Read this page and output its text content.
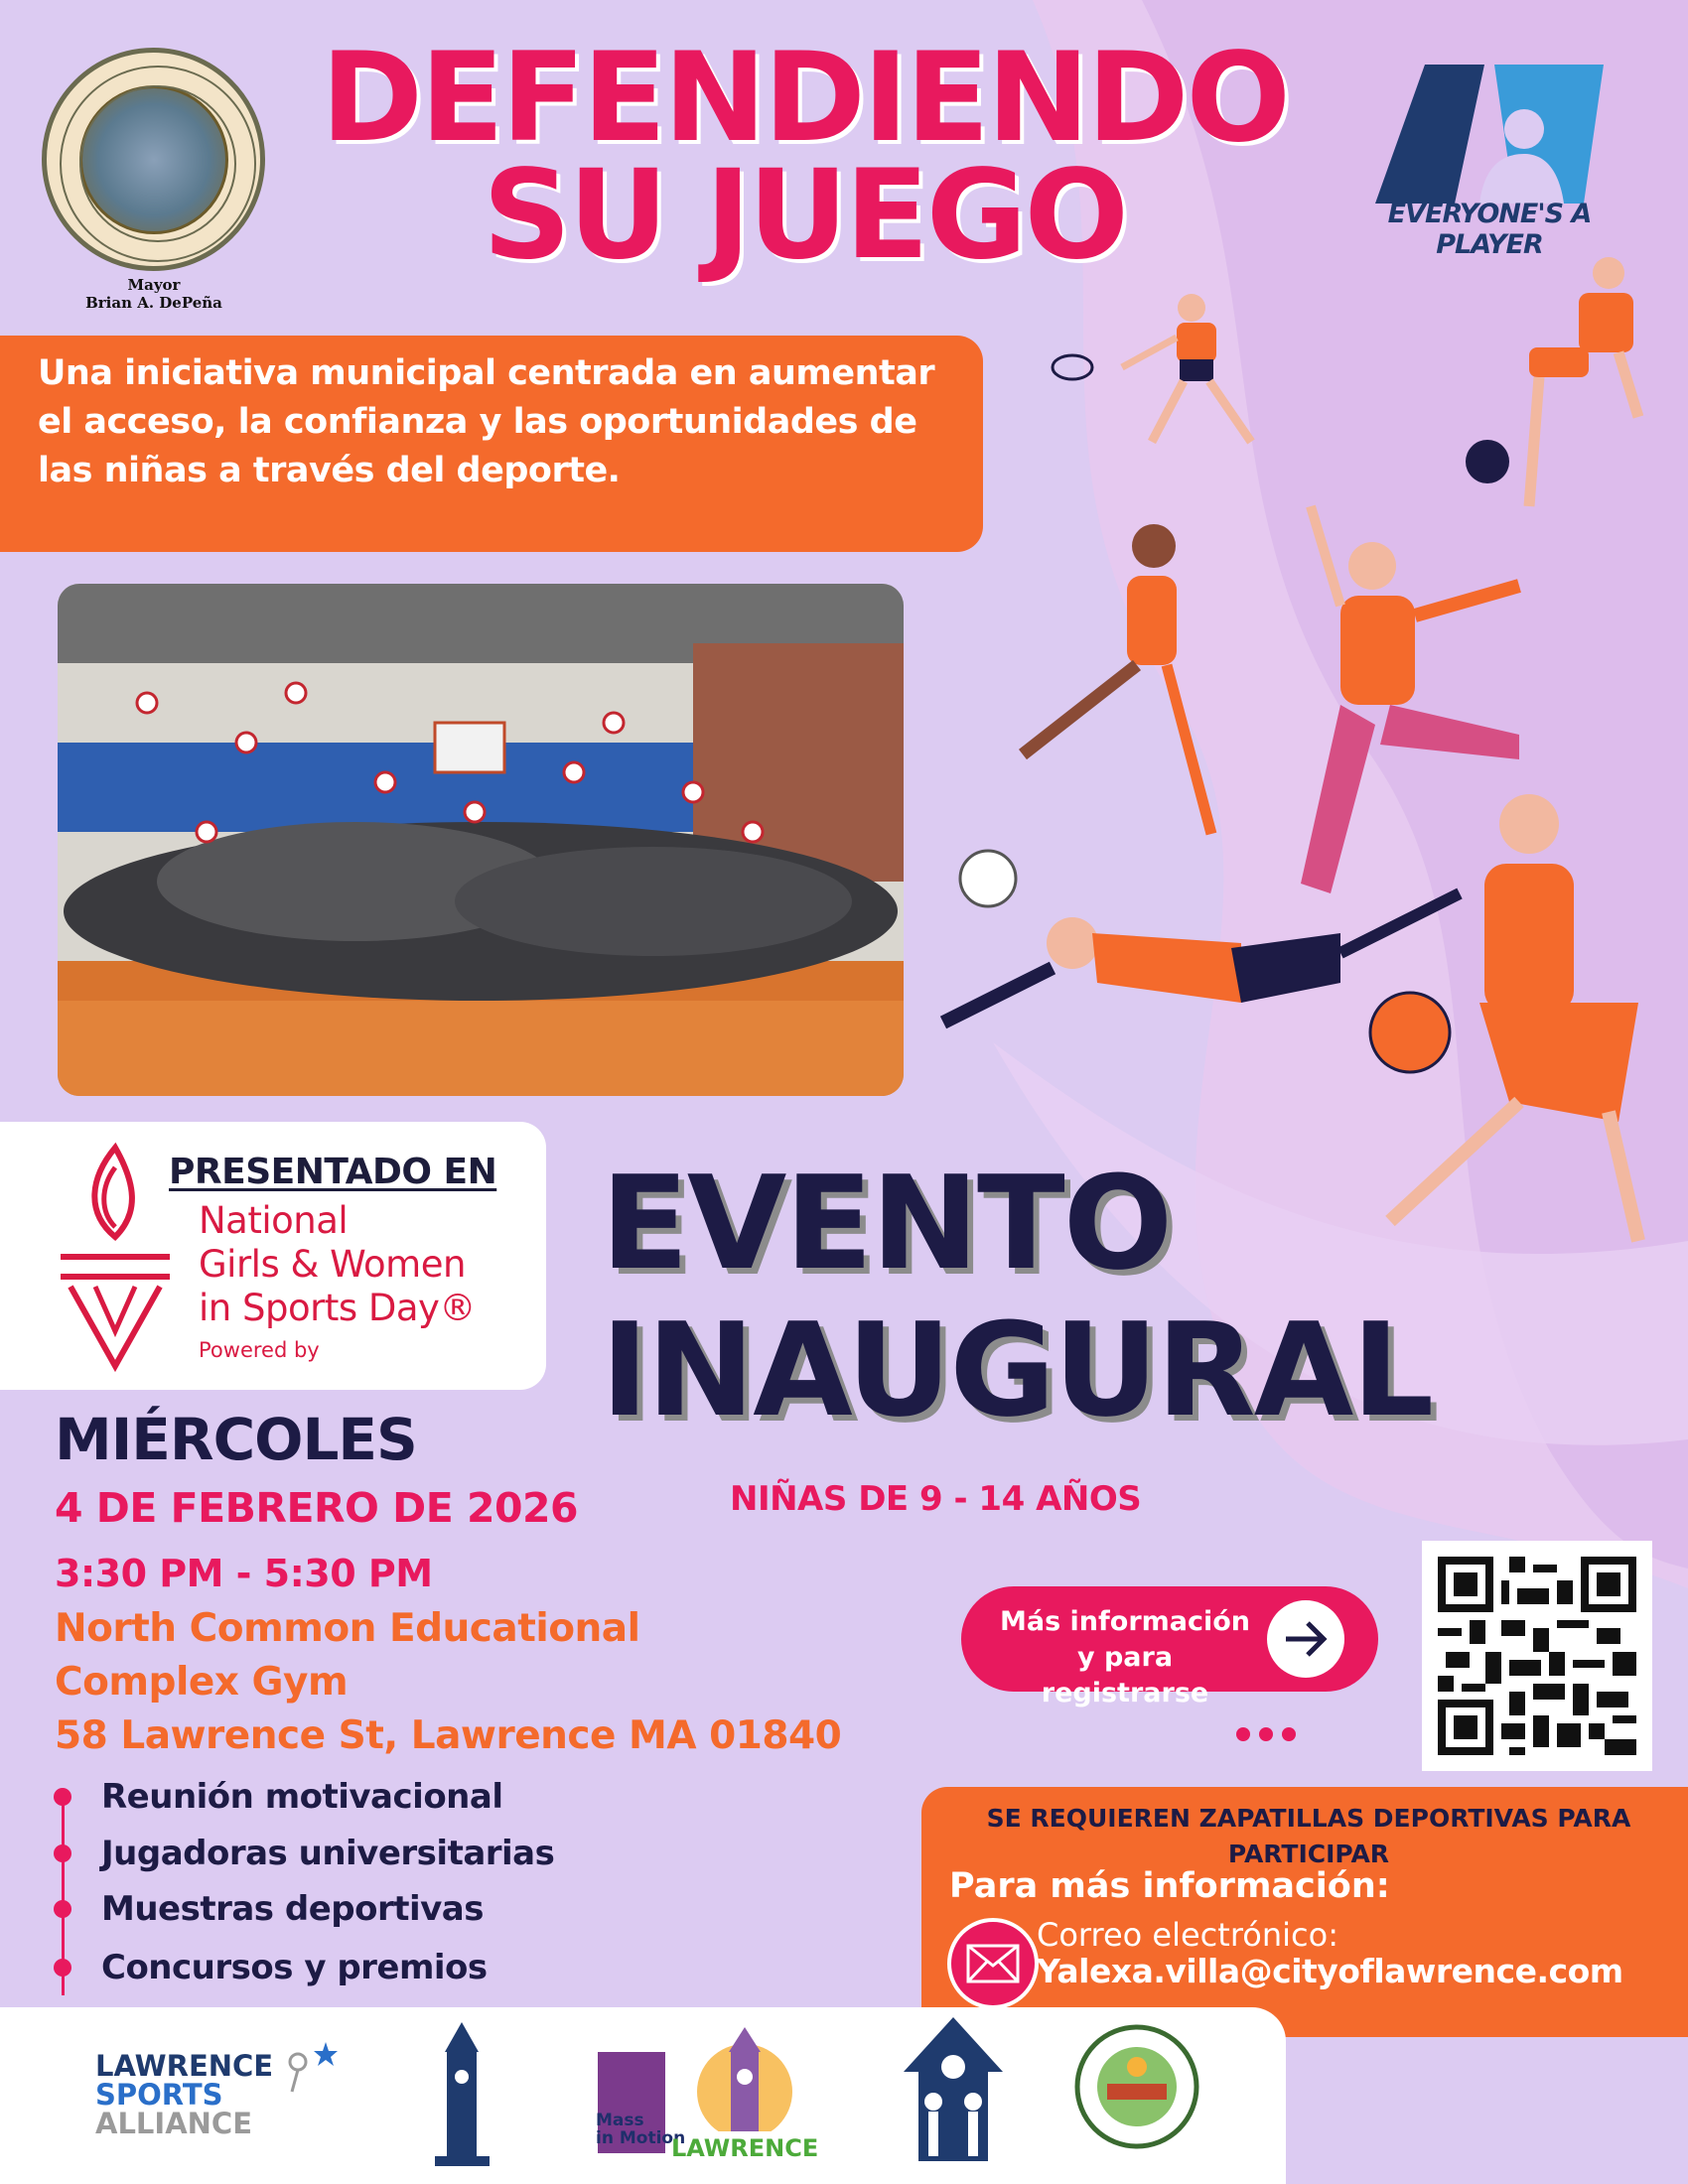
Mayor
Brian A. DePeña
DEFENDIENDO
SU JUEGO	EVERYONE'S A PLAYER

Una iniciativa municipal centrada en aumentar el acceso, la confianza y las oportunidades de las niñas a través del deporte.

PRESENTADO EN
National
Girls & Women
in Sports Day®
Powered by
EVENTO
INAUGURAL
NIÑAS DE 9 - 14 AÑOS
MIÉRCOLES
4 DE FEBRERO DE 2026
3:30 PM - 5:30 PM
North Common Educational
Complex Gym
58 Lawrence St, Lawrence MA 01840
Reunión motivacional
Jugadoras universitarias
Muestras deportivas
Concursos y premios
Más información
y para registrarse
SE REQUIEREN ZAPATILLAS DEPORTIVAS PARA PARTICIPAR
Para más información:
Correo electrónico:
Yalexa.villa@cityoflawrence.com
LAWRENCE
SPORTS
ALLIANCE	Mass
in Motion
LAWRENCE
